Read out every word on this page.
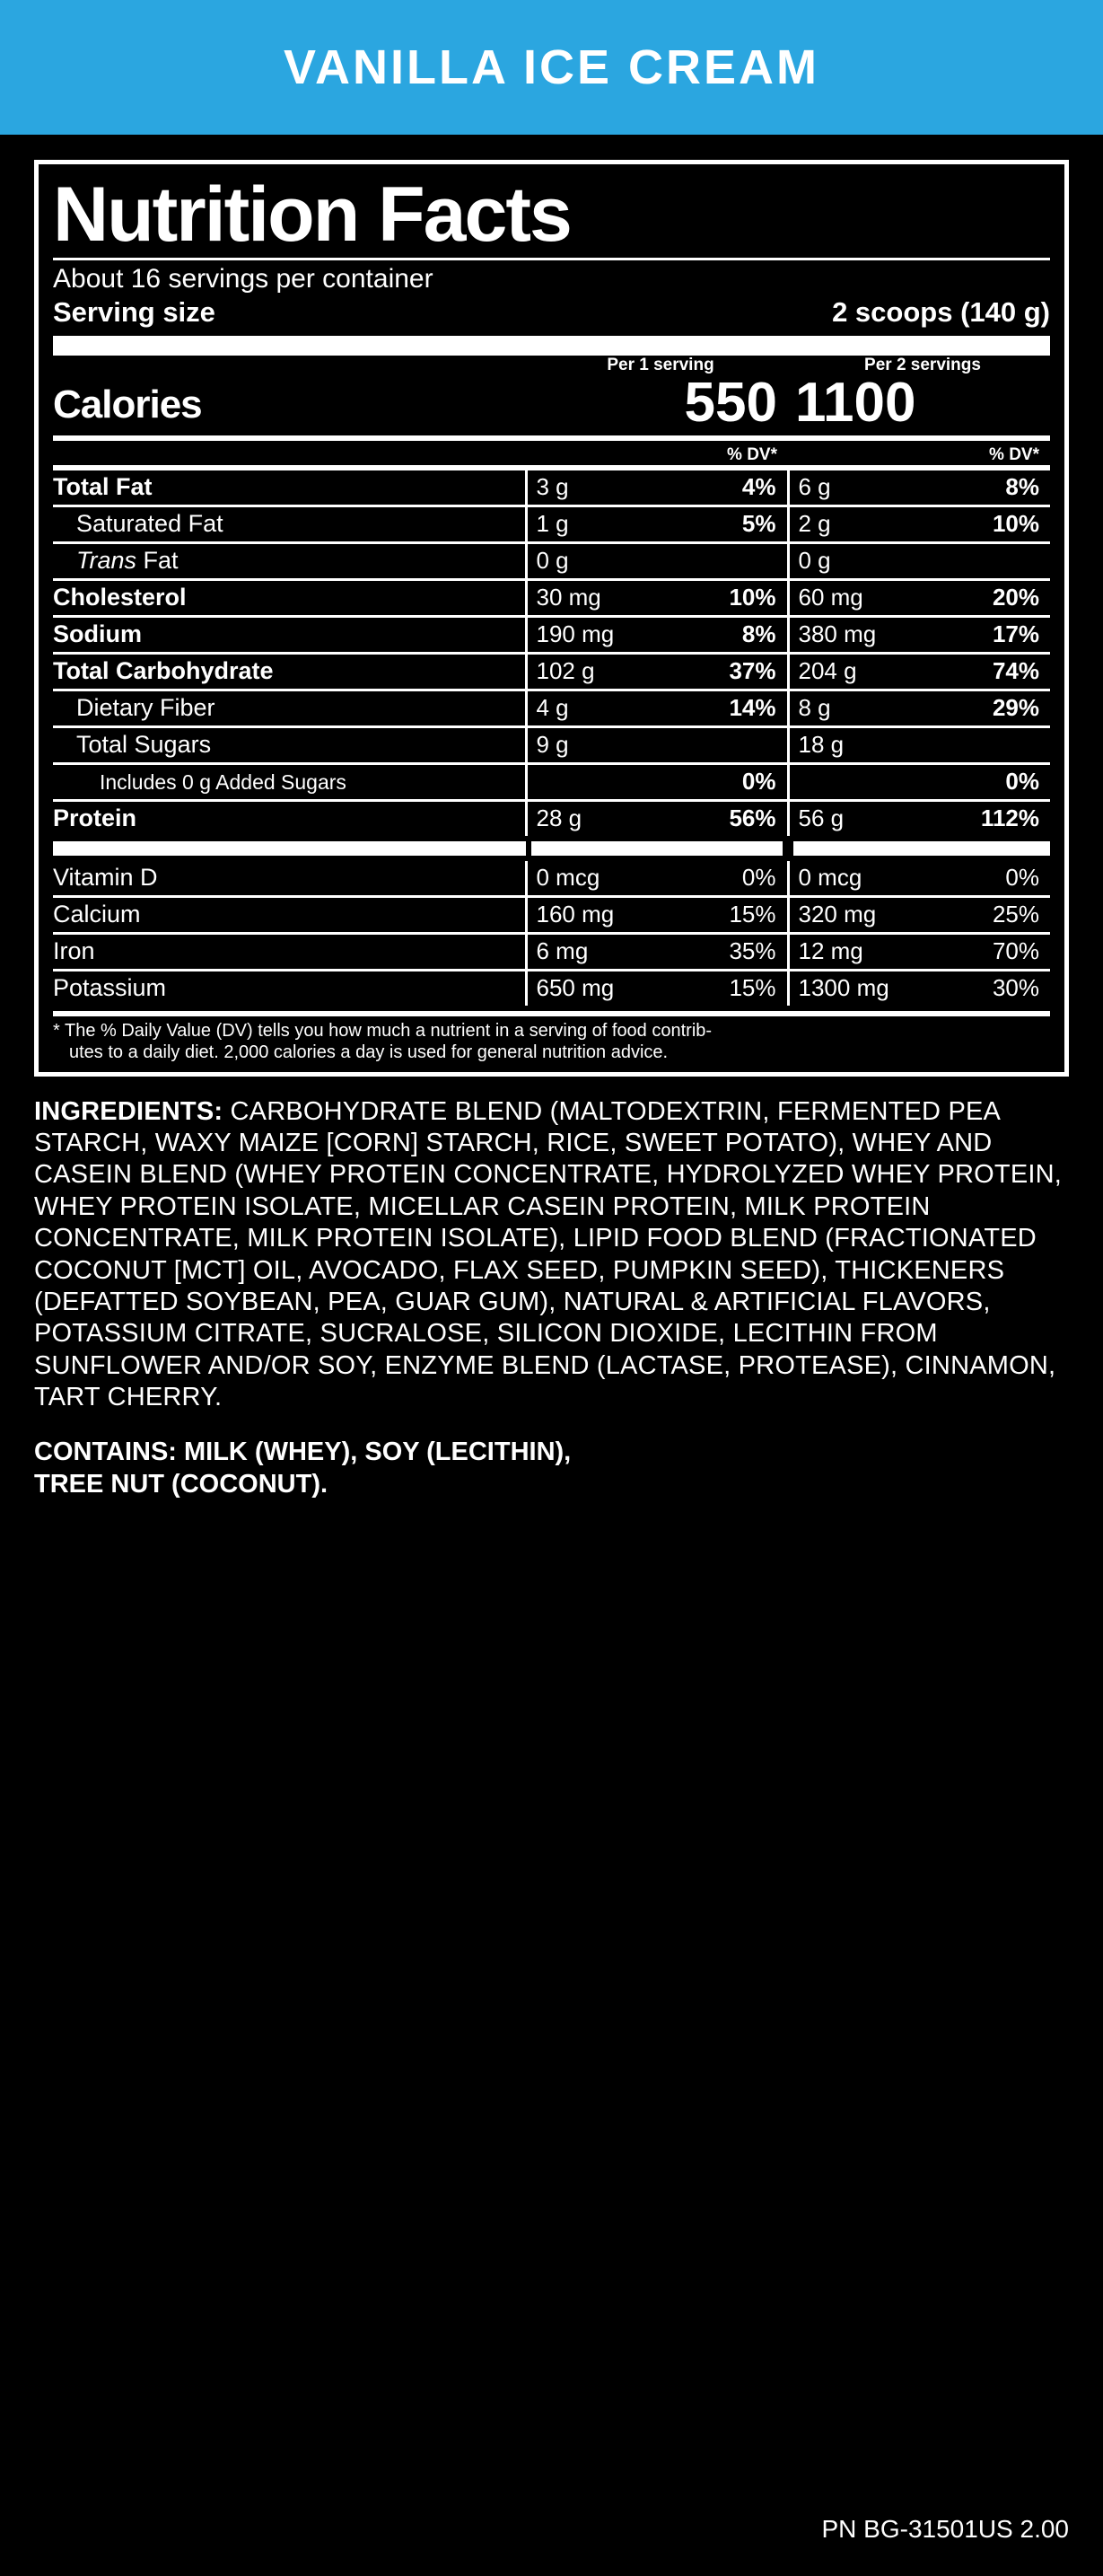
VANILLA ICE CREAM
Nutrition Facts
About 16 servings per container
Serving size	2 scoops (140 g)
Per 1 serving	Per 2 servings
Calories	550 1100
% DV*	% DV*
Total Fat	3 g	4%	6 g	8%
Saturated Fat	1 g	5%	2 g	10%
Trans Fat	0 g		0 g	
Cholesterol	30 mg	10%	60 mg	20%
Sodium	190 mg	8%	380 mg	17%
Total Carbohydrate	102 g	37%	204 g	74%
Dietary Fiber	4 g	14%	8 g	29%
Total Sugars	9 g		18 g	
Includes 0 g Added Sugars		0%		0%
Protein	28 g	56%	56 g	112%
Vitamin D	0 mcg	0%	0 mcg	0%
Calcium	160 mg	15%	320 mg	25%
Iron	6 mg	35%	12 mg	70%
Potassium	650 mg	15%	1300 mg	30%
* The % Daily Value (DV) tells you how much a nutrient in a serving of food contrib-
utes to a daily diet. 2,000 calories a day is used for general nutrition advice.
INGREDIENTS: CARBOHYDRATE BLEND (MALTODEXTRIN, FERMENTED PEA STARCH, WAXY MAIZE [CORN] STARCH, RICE, SWEET POTATO), WHEY AND CASEIN BLEND (WHEY PROTEIN CONCENTRATE, HYDROLYZED WHEY PROTEIN, WHEY PROTEIN ISOLATE, MICELLAR CASEIN PROTEIN, MILK PROTEIN CONCENTRATE, MILK PROTEIN ISOLATE), LIPID FOOD BLEND (FRACTIONATED COCONUT [MCT] OIL, AVOCADO, FLAX SEED, PUMPKIN SEED), THICKENERS (DEFATTED SOYBEAN, PEA, GUAR GUM), NATURAL & ARTIFICIAL FLAVORS, POTASSIUM CITRATE, SUCRALOSE, SILICON DIOXIDE, LECITHIN FROM SUNFLOWER AND/OR SOY, ENZYME BLEND (LACTASE, PROTEASE), CINNAMON, TART CHERRY.
CONTAINS: MILK (WHEY), SOY (LECITHIN),
TREE NUT (COCONUT).
PN BG-31501US 2.00
